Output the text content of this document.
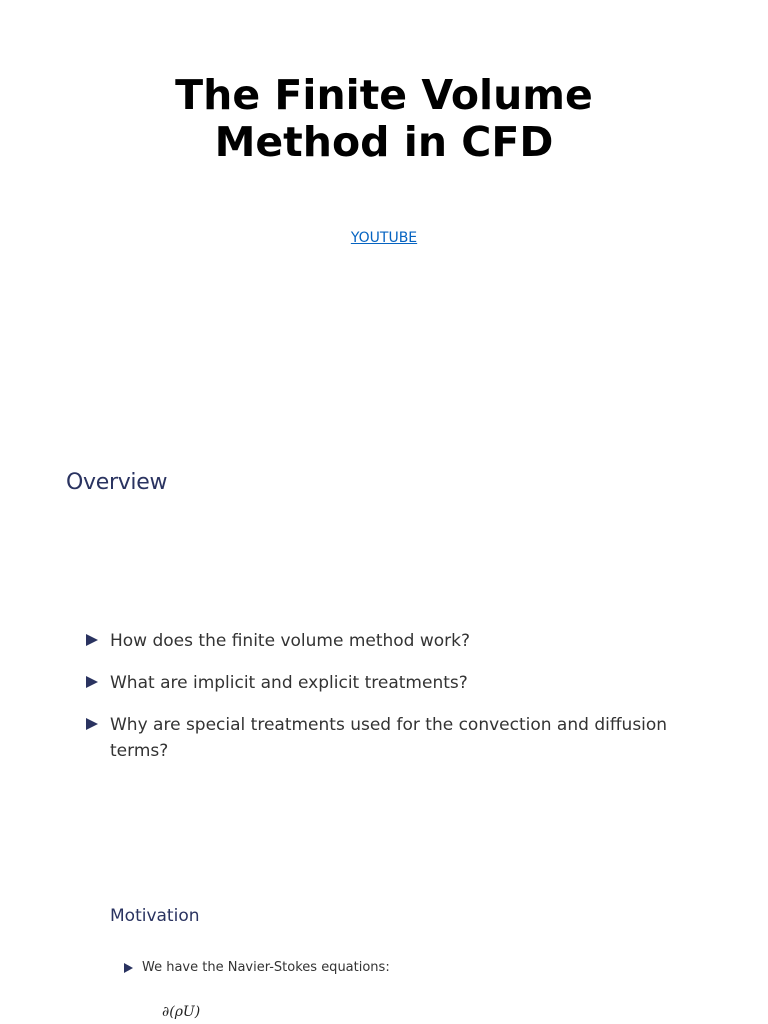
The Finite Volume
Method in CFD
YOUTUBE
Overview
How does the finite volume method work?
What are implicit and explicit treatments?
Why are special treatments used for the convection and diffusion terms?
Motivation
We have the Navier-Stokes equations:
∂(ρU)
